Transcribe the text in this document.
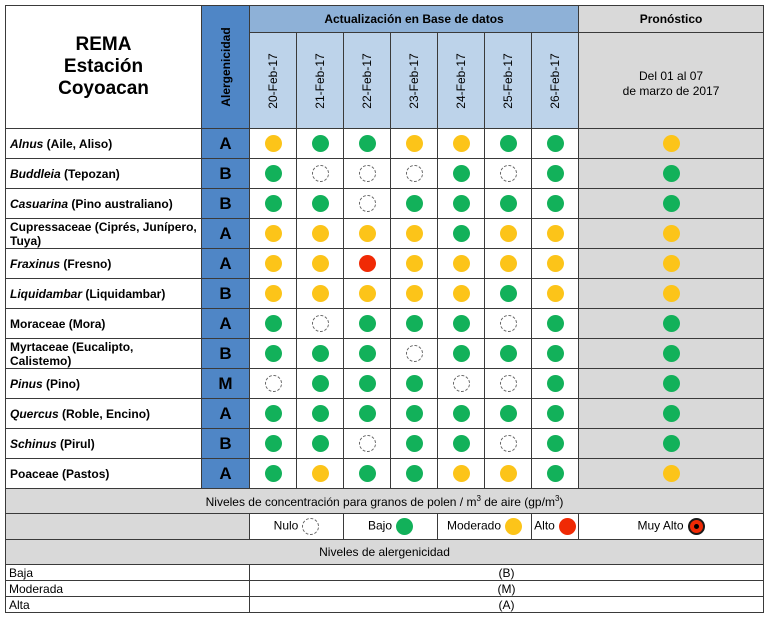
REMA
Estación
Coyoacan	Alergenicidad	Actualización en Base de datos							Pronóstico

		20-Feb-17	21-Feb-17	22-Feb-17	23-Feb-17	24-Feb-17	25-Feb-17	26-Feb-17	Del 01 al 07
de marzo de 2017

Alnus (Aile, Aliso)	A								
Buddleia (Tepozan)	B								
Casuarina (Pino australiano)	B								
Cupressaceae (Ciprés, Junípero, Tuya)	A								
Fraxinus (Fresno)	A								
Liquidambar (Liquidambar)	B								
Moraceae (Mora)	A								
Myrtaceae (Eucalipto, Calistemo)	B								
Pinus (Pino)	M								
Quercus (Roble, Encino)	A								
Schinus (Pirul)	B								
Poaceae (Pastos)	A								
Niveles de concentración para granos de polen / $m^3$ de aire $(gp/m^3)$									
		Nulo		Bajo		Moderado		Alto	Muy Alto
Niveles de alergenicidad									
Baja		(B)							
Moderada		(M)							
Alta		(A)							
